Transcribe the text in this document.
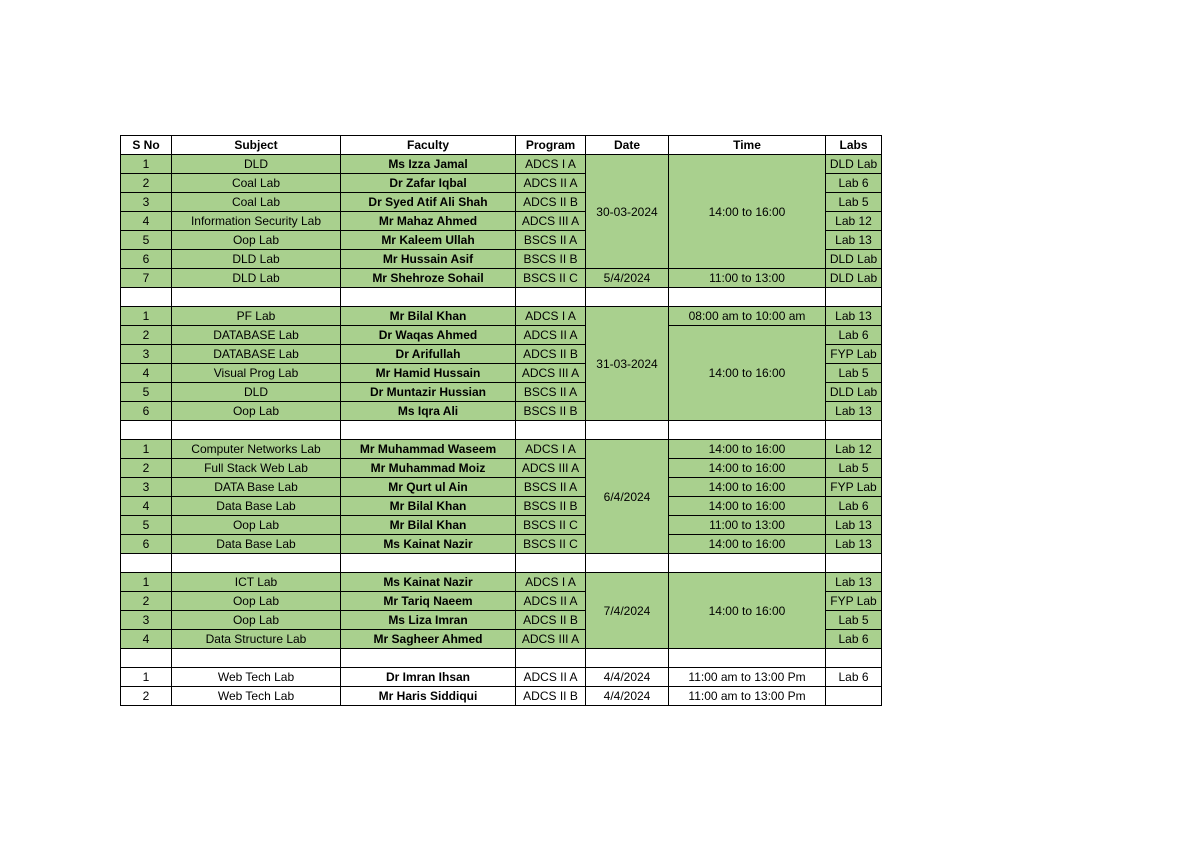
S No	Subject	Faculty	Program	Date	Time	Labs
1	DLD	Ms Izza Jamal	ADCS I A	30-03-2024	14:00 to 16:00	DLD Lab
2	Coal Lab	Dr Zafar Iqbal	ADCS II A			Lab 6
3	Coal Lab	Dr Syed Atif Ali Shah	ADCS II B			Lab 5
4	Information Security Lab	Mr Mahaz Ahmed	ADCS III A			Lab 12
5	Oop Lab	Mr Kaleem Ullah	BSCS II A			Lab 13
6	DLD Lab	Mr Hussain Asif	BSCS II B			DLD Lab
7	DLD Lab	Mr Shehroze Sohail	BSCS II C	5/4/2024	11:00 to 13:00	DLD Lab

1	PF Lab	Mr Bilal Khan	ADCS I A	31-03-2024	08:00 am to 10:00 am	Lab 13
2	DATABASE Lab	Dr Waqas Ahmed	ADCS II A		14:00 to 16:00	Lab 6
3	DATABASE Lab	Dr Arifullah	ADCS II B			FYP Lab
4	Visual Prog Lab	Mr Hamid Hussain	ADCS III A			Lab 5
5	DLD	Dr Muntazir Hussian	BSCS II A			DLD Lab
6	Oop Lab	Ms Iqra Ali	BSCS II B			Lab 13

1	Computer Networks Lab	Mr Muhammad Waseem	ADCS I A	6/4/2024	14:00 to 16:00	Lab 12
2	Full Stack Web Lab	Mr Muhammad Moiz	ADCS III A		14:00 to 16:00	Lab 5
3	DATA Base Lab	Mr Qurt ul Ain	BSCS II A		14:00 to 16:00	FYP Lab
4	Data Base Lab	Mr Bilal Khan	BSCS II B		14:00 to 16:00	Lab 6
5	Oop Lab	Mr Bilal Khan	BSCS II C		11:00 to 13:00	Lab 13
6	Data Base Lab	Ms Kainat Nazir	BSCS II C		14:00 to 16:00	Lab 13

1	ICT Lab	Ms Kainat Nazir	ADCS I A	7/4/2024	14:00 to 16:00	Lab 13
2	Oop Lab	Mr Tariq Naeem	ADCS II A			FYP Lab
3	Oop Lab	Ms Liza Imran	ADCS II B			Lab 5
4	Data Structure Lab	Mr Sagheer Ahmed	ADCS III A			Lab 6

1	Web Tech Lab	Dr Imran Ihsan	ADCS II A	4/4/2024	11:00 am to 13:00 Pm	Lab 6
2	Web Tech Lab	Mr Haris Siddiqui	ADCS II B	4/4/2024	11:00 am to 13:00 Pm	
